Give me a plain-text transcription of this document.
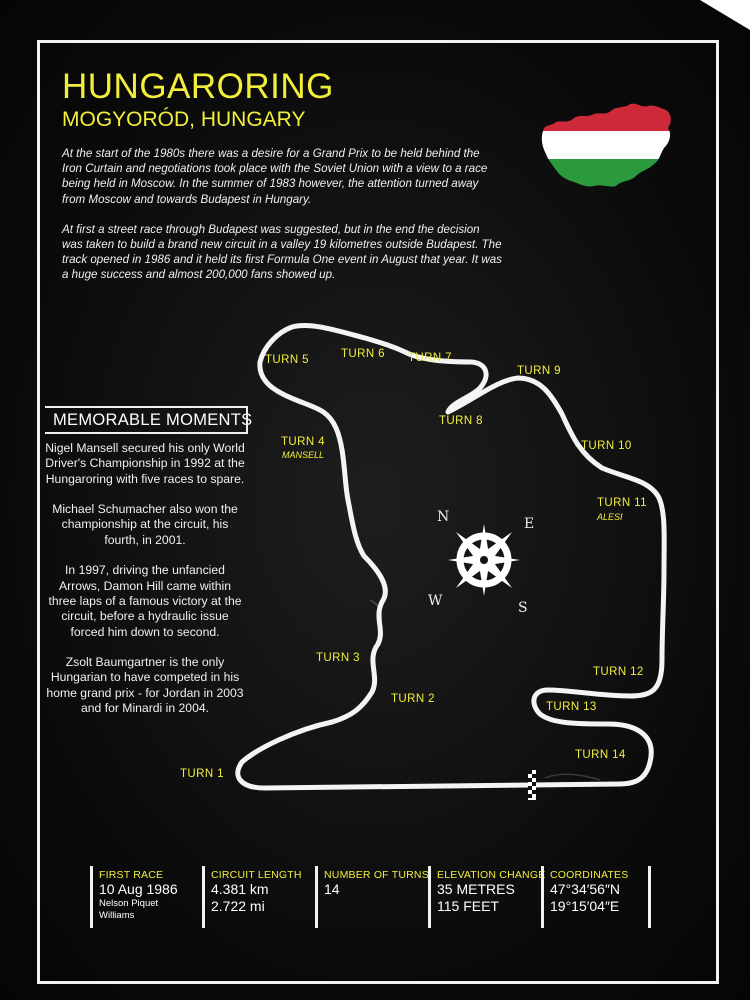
HUNGARORING
MOGYORÓD, HUNGARY

At the start of the 1980s there was a desire for a Grand Prix to be held behind the Iron Curtain and negotiations took place with the Soviet Union with a view to a race being held in Moscow. In the summer of 1983 however, the attention turned away from Moscow and towards Budapest in Hungary.

At first a street race through Budapest was suggested, but in the end the decision was taken to build a brand new circuit in a valley 19 kilometres outside Budapest. The track opened in 1986 and it held its first Formula One event in August that year. It was a huge success and almost 200,000 fans showed up.

MEMORABLE MOMENTS

Nigel Mansell secured his only World Driver's Championship in 1992 at the Hungaroring with five races to spare.

Michael Schumacher also won the championship at the circuit, his fourth, in 2001.

In 1997, driving the unfancied Arrows, Damon Hill came within three laps of a famous victory at the circuit, before a hydraulic issue forced him down to second.

Zsolt Baumgartner is the only Hungarian to have competed in his home grand prix - for Jordan in 2003 and for Minardi in 2004.

N	E
S
W
TURN 1
TURN 2
TURN 3
TURN 4
MANSELL
TURN 5	TURN 6 TURN 7
TURN 8
TURN 9
TURN 10
TURN 11
ALESI
TURN 12
TURN 13
TURN 14
FIRST RACE
10 Aug 1986
Nelson Piquet
Williams
CIRCUIT LENGTH
4.381 km
2.722 mi
NUMBER OF TURNS
14
ELEVATION CHANGE
35 METRES
115 FEET
COORDINATES
47°34′56″N
19°15′04″E
